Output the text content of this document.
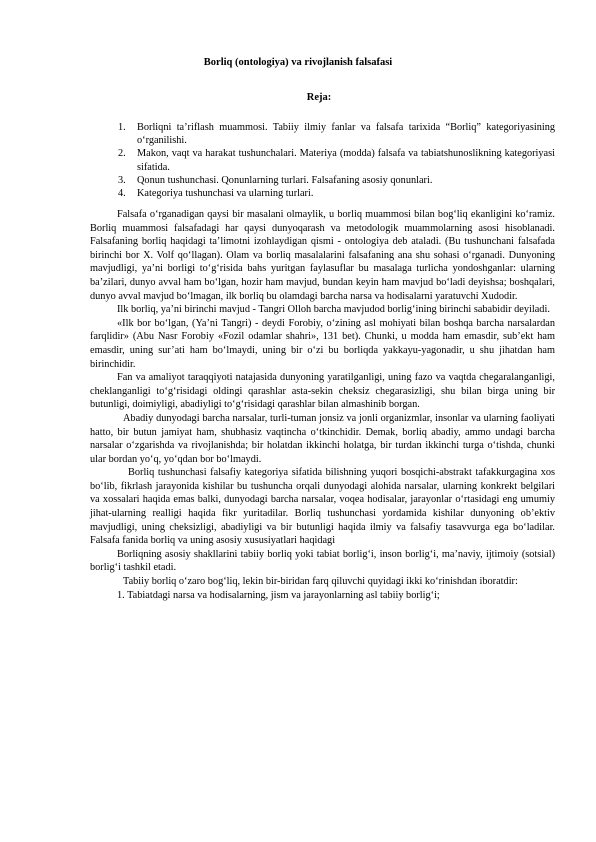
Borliq (ontologiya) va rivojlanish falsafasi
Reja:
1. Borliqni ta’riflash muammosi. Tabiiy ilmiy fanlar va falsafa tarixida “Borliq” kategoriyasining o‘rganilishi.
2. Makon, vaqt va harakat tushunchalari. Materiya (modda) falsafa va tabiatshunoslikning kategoriyasi sifatida.
3. Qonun tushunchasi. Qonunlarning turlari. Falsafaning asosiy qonunlari.
4. Kategoriya tushunchasi va ularning turlari.

Falsafa o‘rganadigan qaysi bir masalani olmaylik, u borliq muammosi bilan bog‘liq ekanligini ko‘ramiz. Borliq muammosi falsafadagi har qaysi dunyoqarash va metodologik muammolarning asosi hisoblanadi. Falsafaning borliq haqidagi ta’limotni izohlaydigan qismi - ontologiya deb ataladi. (Bu tushunchani falsafada birinchi bor X. Volf qo‘llagan). Olam va borliq masalalarini falsafaning ana shu sohasi o‘rganadi. Dunyoning mavjudligi, ya’ni borligi to‘g‘risida bahs yuritgan faylasuflar bu masalaga turlicha yondoshganlar: ularning ba’zilari, dunyo avval ham bo‘lgan, hozir ham mavjud, bundan keyin ham mavjud bo‘ladi deyishsa; boshqalari, dunyo avval mavjud bo‘lmagan, ilk borliq bu olamdagi barcha narsa va hodisalarni yaratuvchi Xudodir.

Ilk borliq, ya’ni birinchi mavjud - Tangri Olloh barcha mavjudod borlig‘ining birinchi sababidir deyiladi.

«Ilk bor bo‘lgan, (Ya’ni Tangri) - deydi Forobiy, o‘zining asl mohiyati bilan boshqa barcha narsalardan farqlidir» (Abu Nasr Forobiy «Fozil odamlar shahri», 131 bet). Chunki, u modda ham emasdir, sub’ekt ham emasdir, uning sur’ati ham bo‘lmaydi, uning bir o‘zi bu borliqda yakkayu-yagonadir, u shu jihatdan ham birinchidir.

Fan va amaliyot taraqqiyoti natajasida dunyoning yaratilganligi, uning fazo va vaqtda chegaralanganligi, cheklanganligi to‘g‘risidagi oldingi qarashlar asta-sekin cheksiz chegarasizligi, shu bilan birga uning bir butunligi, doimiyligi, abadiyligi to‘g‘risidagi qarashlar bilan almashinib borgan.

Abadiy dunyodagi barcha narsalar, turli-tuman jonsiz va jonli organizmlar, insonlar va ularning faoliyati hatto, bir butun jamiyat ham, shubhasiz vaqtincha o‘tkinchidir. Demak, borliq abadiy, ammo undagi barcha narsalar o‘zgarishda va rivojlanishda; bir holatdan ikkinchi holatga, bir turdan ikkinchi turga o‘tishda, chunki ular bordan yo‘q, yo‘qdan bor bo‘lmaydi.

Borliq tushunchasi falsafiy kategoriya sifatida bilishning yuqori bosqichi-abstrakt tafakkurgagina xos bo‘lib, fikrlash jarayonida kishilar bu tushuncha orqali dunyodagi alohida narsalar, ularning konkrekt belgilari va xossalari haqida emas balki, dunyodagi barcha narsalar, voqea hodisalar, jarayonlar o‘rtasidagi eng umumiy jihat-ularning realligi haqida fikr yuritadilar. Borliq tushunchasi yordamida kishilar dunyoning ob’ektiv mavjudligi, uning cheksizligi, abadiyligi va bir butunligi haqida ilmiy va falsafiy tasavvurga ega bo‘ladilar. Falsafa fanida borliq va uning asosiy xususiyatlari haqidagi

Borliqning asosiy shakllarini tabiiy borliq yoki tabiat borlig‘i, inson borlig‘i, ma’naviy, ijtimoiy (sotsial) borlig‘i tashkil etadi.

Tabiiy borliq o‘zaro bog‘liq, lekin bir-biridan farq qiluvchi quyidagi ikki ko‘rinishdan iboratdir:

1. Tabiatdagi narsa va hodisalarning, jism va jarayonlarning asl tabiiy borlig‘i;
